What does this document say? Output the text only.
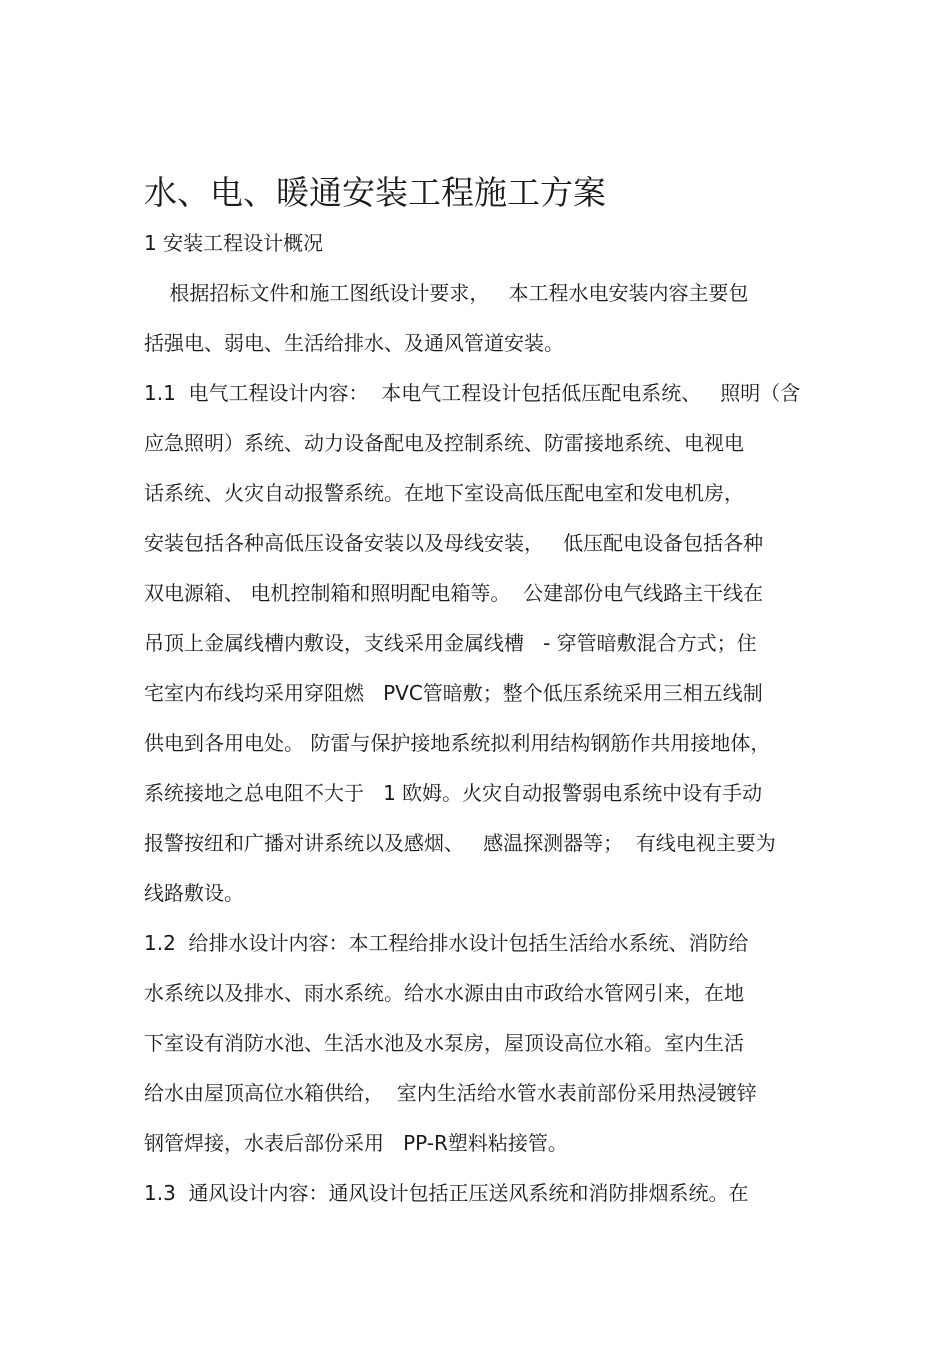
水、电、暖通安装工程施工方案
1 安装工程设计概况
根据招标文件和施工图纸设计要求，   本工程水电安装内容主要包
括强电、弱电、生活给排水、及通风管道安装。
1.1  电气工程设计内容：  本电气工程设计包括低压配电系统、   照明（含
应急照明）系统、动力设备配电及控制系统、防雷接地系统、电视电
话系统、火灾自动报警系统。在地下室设高低压配电室和发电机房，
安装包括各种高低压设备安装以及母线安装，   低压配电设备包括各种
双电源箱、 电机控制箱和照明配电箱等。  公建部份电气线路主干线在
吊顶上金属线槽内敷设，支线采用金属线槽   - 穿管暗敷混合方式；住
宅室内布线均采用穿阻燃   PVC管暗敷；整个低压系统采用三相五线制
供电到各用电处。 防雷与保护接地系统拟利用结构钢筋作共用接地体，
系统接地之总电阻不大于   1 欧姆。火灾自动报警弱电系统中设有手动
报警按纽和广播对讲系统以及感烟、   感温探测器等；  有线电视主要为
线路敷设。
1.2  给排水设计内容：本工程给排水设计包括生活给水系统、消防给
水系统以及排水、雨水系统。给水水源由由市政给水管网引来，在地
下室设有消防水池、生活水池及水泵房，屋顶设高位水箱。室内生活
给水由屋顶高位水箱供给，  室内生活给水管水表前部份采用热浸镀锌
钢管焊接，水表后部份采用   PP-R塑料粘接管。
1.3  通风设计内容：通风设计包括正压送风系统和消防排烟系统。在
